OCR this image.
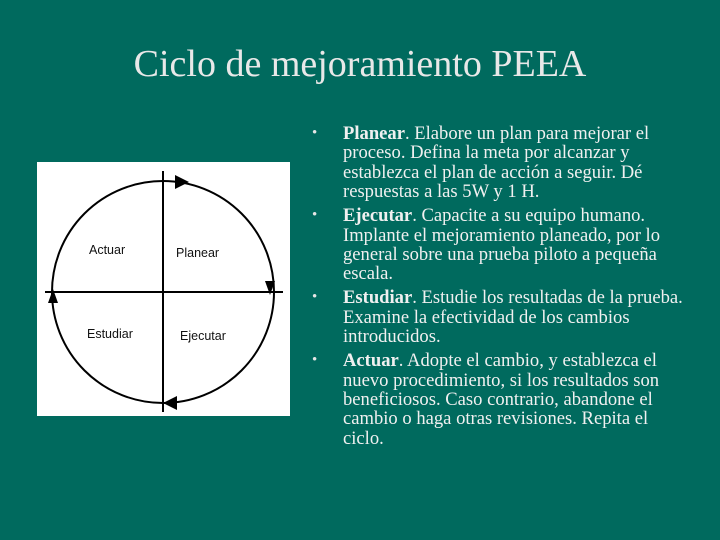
Ciclo de mejoramiento PEEA
Actuar	Planear
Estudiar	Ejecutar
•	Planear. Elabore un plan para mejorar el proceso. Defina la meta por alcanzar y establezca el plan de acción a seguir. Dé respuestas a las 5W y 1 H.
•	Ejecutar. Capacite a su equipo humano. Implante el mejoramiento planeado, por lo general sobre una prueba piloto a pequeña escala.
•	Estudiar. Estudie los resultadas de la prueba. Examine la efectividad de los cambios introducidos.
•	Actuar. Adopte el cambio, y establezca el nuevo procedimiento, si los resultados son beneficiosos. Caso contrario, abandone el cambio o haga otras revisiones. Repita el ciclo.
